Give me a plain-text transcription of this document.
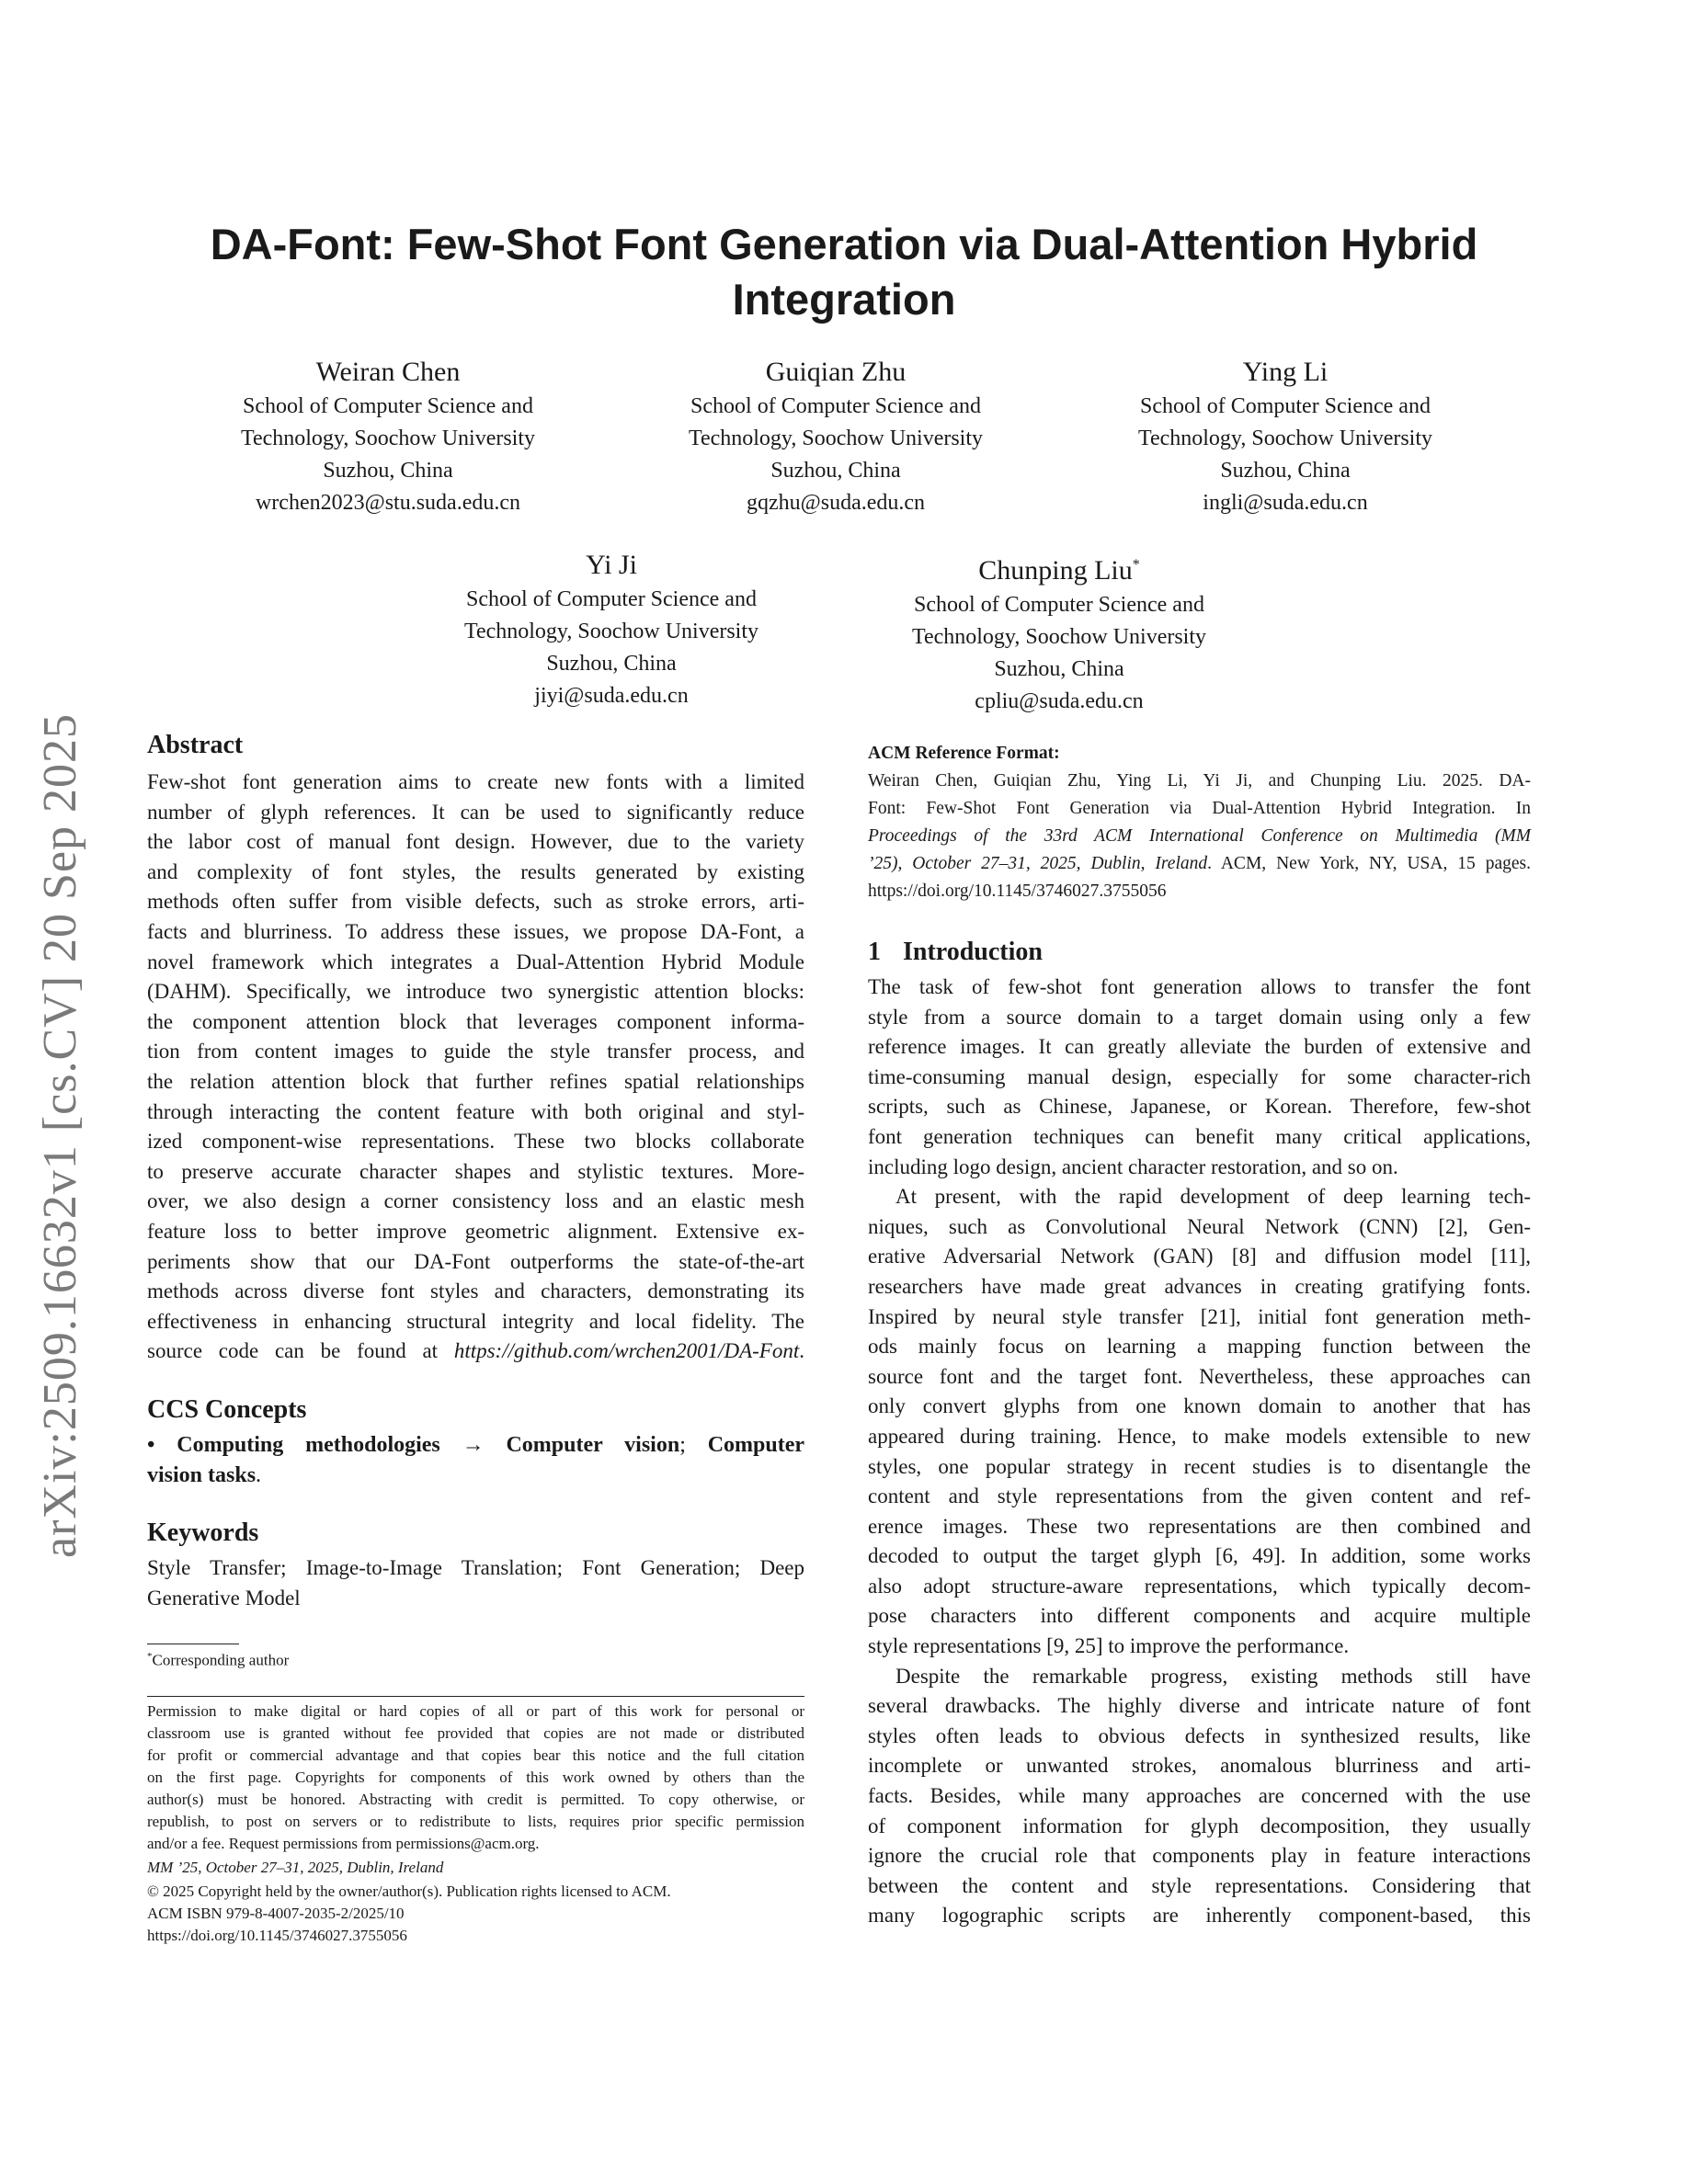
arXiv:2509.16632v1 [cs.CV] 20 Sep 2025
DA-Font: Few-Shot Font Generation via Dual-Attention Hybrid
Integration
Weiran Chen
School of Computer Science and
Technology, Soochow University
Suzhou, China
wrchen2023@stu.suda.edu.cn
Guiqian Zhu
School of Computer Science and
Technology, Soochow University
Suzhou, China
gqzhu@suda.edu.cn
Ying Li
School of Computer Science and
Technology, Soochow University
Suzhou, China
ingli@suda.edu.cn
Yi Ji
School of Computer Science and
Technology, Soochow University
Suzhou, China
jiyi@suda.edu.cn
Chunping Liu*
School of Computer Science and
Technology, Soochow University
Suzhou, China
cpliu@suda.edu.cn
Abstract
Few-shot font generation aims to create new fonts with a limited
number of glyph references. It can be used to significantly reduce
the labor cost of manual font design. However, due to the variety
and complexity of font styles, the results generated by existing
methods often suffer from visible defects, such as stroke errors, arti-
facts and blurriness. To address these issues, we propose DA-Font, a
novel framework which integrates a Dual-Attention Hybrid Module
(DAHM). Specifically, we introduce two synergistic attention blocks:
the component attention block that leverages component informa-
tion from content images to guide the style transfer process, and
the relation attention block that further refines spatial relationships
through interacting the content feature with both original and styl-
ized component-wise representations. These two blocks collaborate
to preserve accurate character shapes and stylistic textures. More-
over, we also design a corner consistency loss and an elastic mesh
feature loss to better improve geometric alignment. Extensive ex-
periments show that our DA-Font outperforms the state-of-the-art
methods across diverse font styles and characters, demonstrating its
effectiveness in enhancing structural integrity and local fidelity. The
source code can be found at https://github.com/wrchen2001/DA-Font.
CCS Concepts
• Computing methodologies → Computer vision; Computer
vision tasks.
Keywords
Style Transfer; Image-to-Image Translation; Font Generation; Deep
Generative Model
*Corresponding author
Permission to make digital or hard copies of all or part of this work for personal or
classroom use is granted without fee provided that copies are not made or distributed
for profit or commercial advantage and that copies bear this notice and the full citation
on the first page. Copyrights for components of this work owned by others than the
author(s) must be honored. Abstracting with credit is permitted. To copy otherwise, or
republish, to post on servers or to redistribute to lists, requires prior specific permission
and/or a fee. Request permissions from permissions@acm.org.
MM ’25, October 27–31, 2025, Dublin, Ireland
© 2025 Copyright held by the owner/author(s). Publication rights licensed to ACM.
ACM ISBN 979-8-4007-2035-2/2025/10
https://doi.org/10.1145/3746027.3755056
ACM Reference Format:
Weiran Chen, Guiqian Zhu, Ying Li, Yi Ji, and Chunping Liu. 2025. DA-
Font: Few-Shot Font Generation via Dual-Attention Hybrid Integration. In
Proceedings of the 33rd ACM International Conference on Multimedia (MM
’25), October 27–31, 2025, Dublin, Ireland. ACM, New York, NY, USA, 15 pages.
https://doi.org/10.1145/3746027.3755056
1 Introduction
The task of few-shot font generation allows to transfer the font
style from a source domain to a target domain using only a few
reference images. It can greatly alleviate the burden of extensive and
time-consuming manual design, especially for some character-rich
scripts, such as Chinese, Japanese, or Korean. Therefore, few-shot
font generation techniques can benefit many critical applications,
including logo design, ancient character restoration, and so on.
At present, with the rapid development of deep learning tech-
niques, such as Convolutional Neural Network (CNN) [2], Gen-
erative Adversarial Network (GAN) [8] and diffusion model [11],
researchers have made great advances in creating gratifying fonts.
Inspired by neural style transfer [21], initial font generation meth-
ods mainly focus on learning a mapping function between the
source font and the target font. Nevertheless, these approaches can
only convert glyphs from one known domain to another that has
appeared during training. Hence, to make models extensible to new
styles, one popular strategy in recent studies is to disentangle the
content and style representations from the given content and ref-
erence images. These two representations are then combined and
decoded to output the target glyph [6, 49]. In addition, some works
also adopt structure-aware representations, which typically decom-
pose characters into different components and acquire multiple
style representations [9, 25] to improve the performance.
Despite the remarkable progress, existing methods still have
several drawbacks. The highly diverse and intricate nature of font
styles often leads to obvious defects in synthesized results, like
incomplete or unwanted strokes, anomalous blurriness and arti-
facts. Besides, while many approaches are concerned with the use
of component information for glyph decomposition, they usually
ignore the crucial role that components play in feature interactions
between the content and style representations. Considering that
many logographic scripts are inherently component-based, this
